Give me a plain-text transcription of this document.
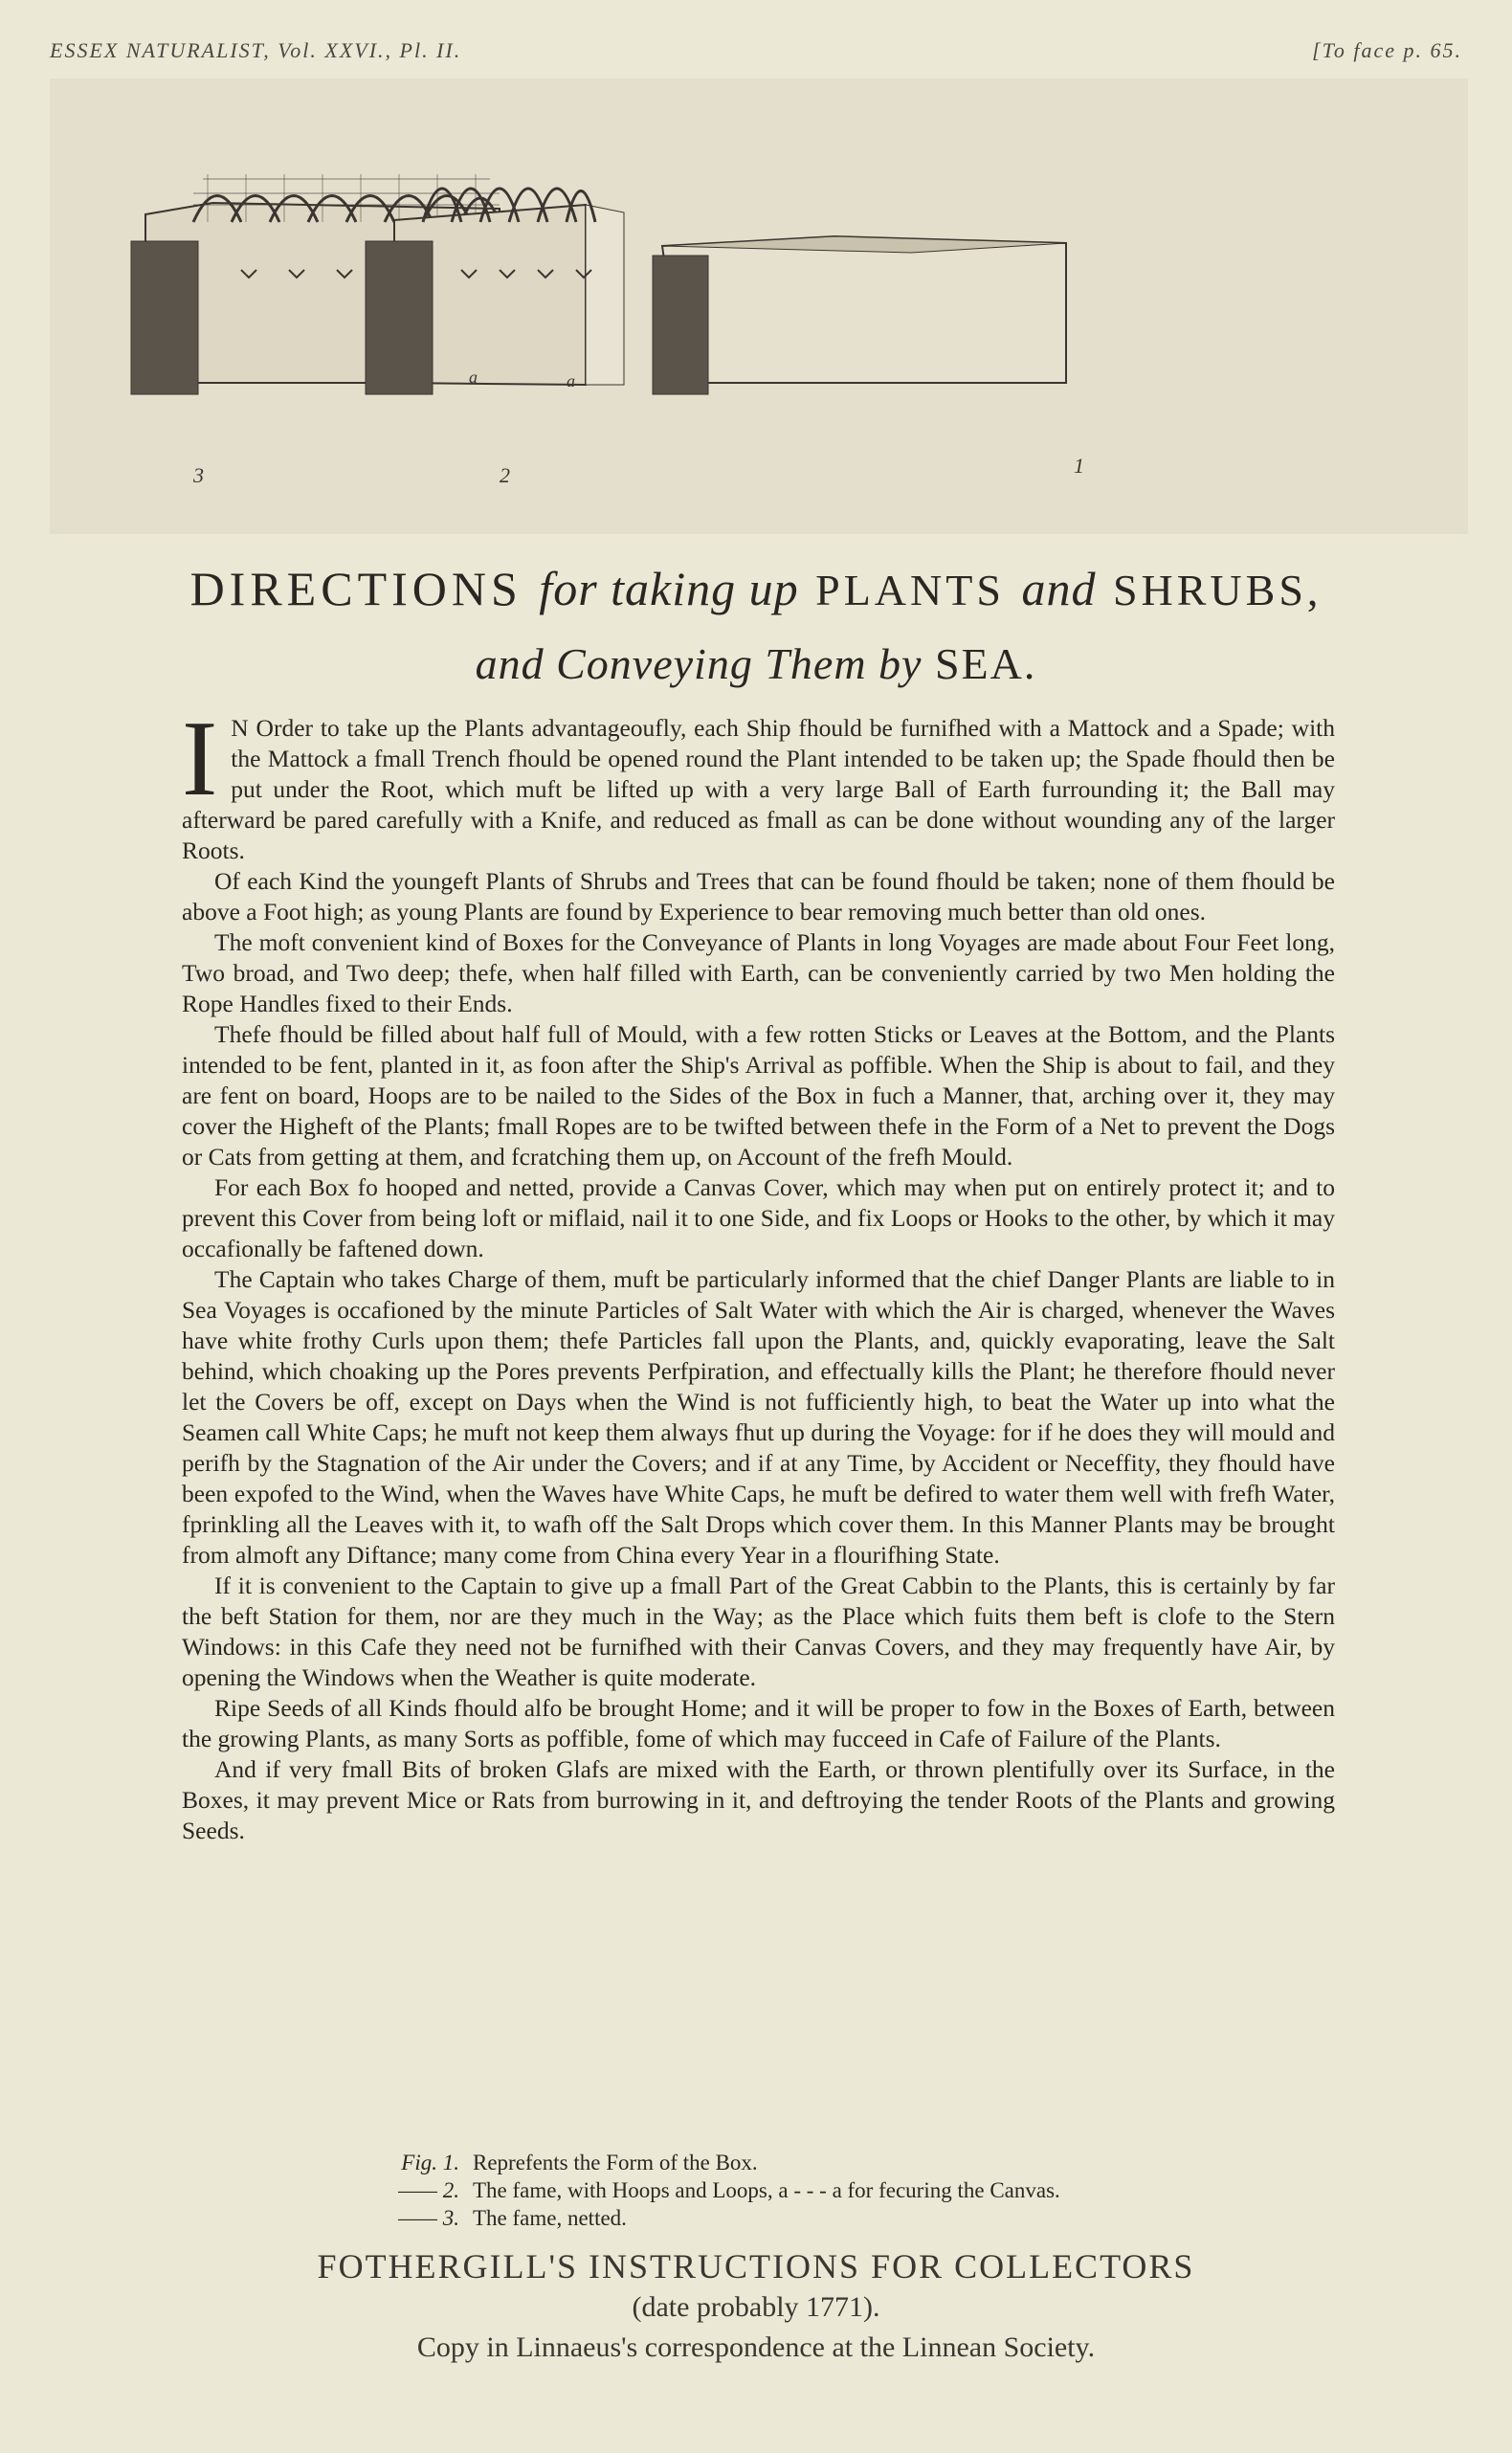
ESSEX NATURALIST, Vol. XXVI., Pl. II.	[To face p. 65.
3	2	1
a	a
DIRECTIONS for taking up PLANTS and SHRUBS,
and Conveying Them by SEA.

I N Order to take up the Plants advantageoufly, each Ship fhould be furnifhed with a Mattock and a Spade; with the Mattock a fmall Trench fhould be opened round the Plant intended to be taken up; the Spade fhould then be put under the Root, which muft be lifted up with a very large Ball of Earth furrounding it; the Ball may afterward be pared carefully with a Knife, and reduced as fmall as can be done without wounding any of the larger Roots.

Of each Kind the youngeft Plants of Shrubs and Trees that can be found fhould be taken; none of them fhould be above a Foot high; as young Plants are found by Experience to bear removing much better than old ones.

The moft convenient kind of Boxes for the Conveyance of Plants in long Voyages are made about Four Feet long, Two broad, and Two deep; thefe, when half filled with Earth, can be conveniently carried by two Men holding the Rope Handles fixed to their Ends.

Thefe fhould be filled about half full of Mould, with a few rotten Sticks or Leaves at the Bottom, and the Plants intended to be fent, planted in it, as foon after the Ship's Arrival as poffible. When the Ship is about to fail, and they are fent on board, Hoops are to be nailed to the Sides of the Box in fuch a Manner, that, arching over it, they may cover the Higheft of the Plants; fmall Ropes are to be twifted between thefe in the Form of a Net to prevent the Dogs or Cats from getting at them, and fcratching them up, on Account of the frefh Mould.

For each Box fo hooped and netted, provide a Canvas Cover, which may when put on entirely protect it; and to prevent this Cover from being loft or miflaid, nail it to one Side, and fix Loops or Hooks to the other, by which it may occafionally be faftened down.

The Captain who takes Charge of them, muft be particularly informed that the chief Danger Plants are liable to in Sea Voyages is occafioned by the minute Particles of Salt Water with which the Air is charged, whenever the Waves have white frothy Curls upon them; thefe Particles fall upon the Plants, and, quickly evaporating, leave the Salt behind, which choaking up the Pores prevents Perfpiration, and effectually kills the Plant; he therefore fhould never let the Covers be off, except on Days when the Wind is not fufficiently high, to beat the Water up into what the Seamen call White Caps; he muft not keep them always fhut up during the Voyage: for if he does they will mould and perifh by the Stagnation of the Air under the Covers; and if at any Time, by Accident or Neceffity, they fhould have been expofed to the Wind, when the Waves have White Caps, he muft be defired to water them well with frefh Water, fprinkling all the Leaves with it, to wafh off the Salt Drops which cover them. In this Manner Plants may be brought from almoft any Diftance; many come from China every Year in a flourifhing State.

If it is convenient to the Captain to give up a fmall Part of the Great Cabbin to the Plants, this is certainly by far the beft Station for them, nor are they much in the Way; as the Place which fuits them beft is clofe to the Stern Windows: in this Cafe they need not be furnifhed with their Canvas Covers, and they may frequently have Air, by opening the Windows when the Weather is quite moderate.

Ripe Seeds of all Kinds fhould alfo be brought Home; and it will be proper to fow in the Boxes of Earth, between the growing Plants, as many Sorts as poffible, fome of which may fucceed in Cafe of Failure of the Plants.

And if very fmall Bits of broken Glafs are mixed with the Earth, or thrown plentifully over its Surface, in the Boxes, it may prevent Mice or Rats from burrowing in it, and deftroying the tender Roots of the Plants and growing Seeds.

Fig. 1. Reprefents the Form of the Box.
—— 2. The fame, with Hoops and Loops, a - - - a for fecuring the Canvas.
—— 3. The fame, netted.
FOTHERGILL'S INSTRUCTIONS FOR COLLECTORS
(date probably 1771).
Copy in Linnaeus's correspondence at the Linnean Society.
